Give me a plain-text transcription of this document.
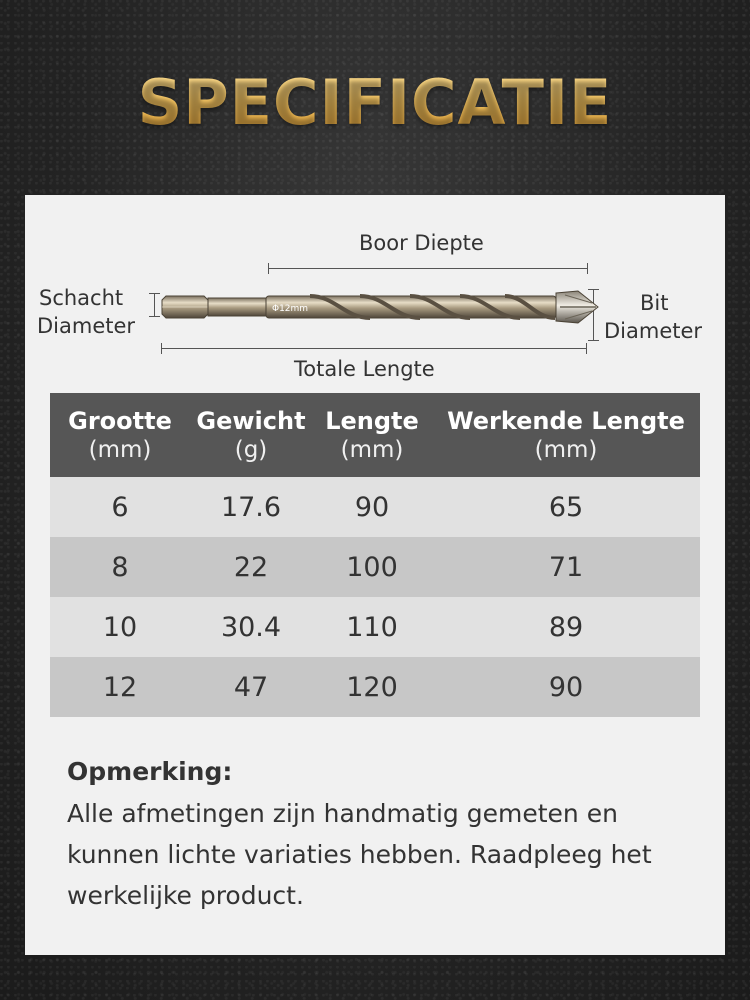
SPECIFICATIE
Boor Diepte
Schacht
Diameter
Bit
Diameter
Φ12mm
Totale Lengte
Grootte
(mm)
Gewicht
(g)
Lengte
(mm)
Werkende Lengte
(mm)
6	17.6	90	65
8	22	100	71
10	30.4	110	89
12	47	120	90
Opmerking:
Alle afmetingen zijn handmatig gemeten en kunnen lichte variaties hebben. Raadpleeg het werkelijke product.
